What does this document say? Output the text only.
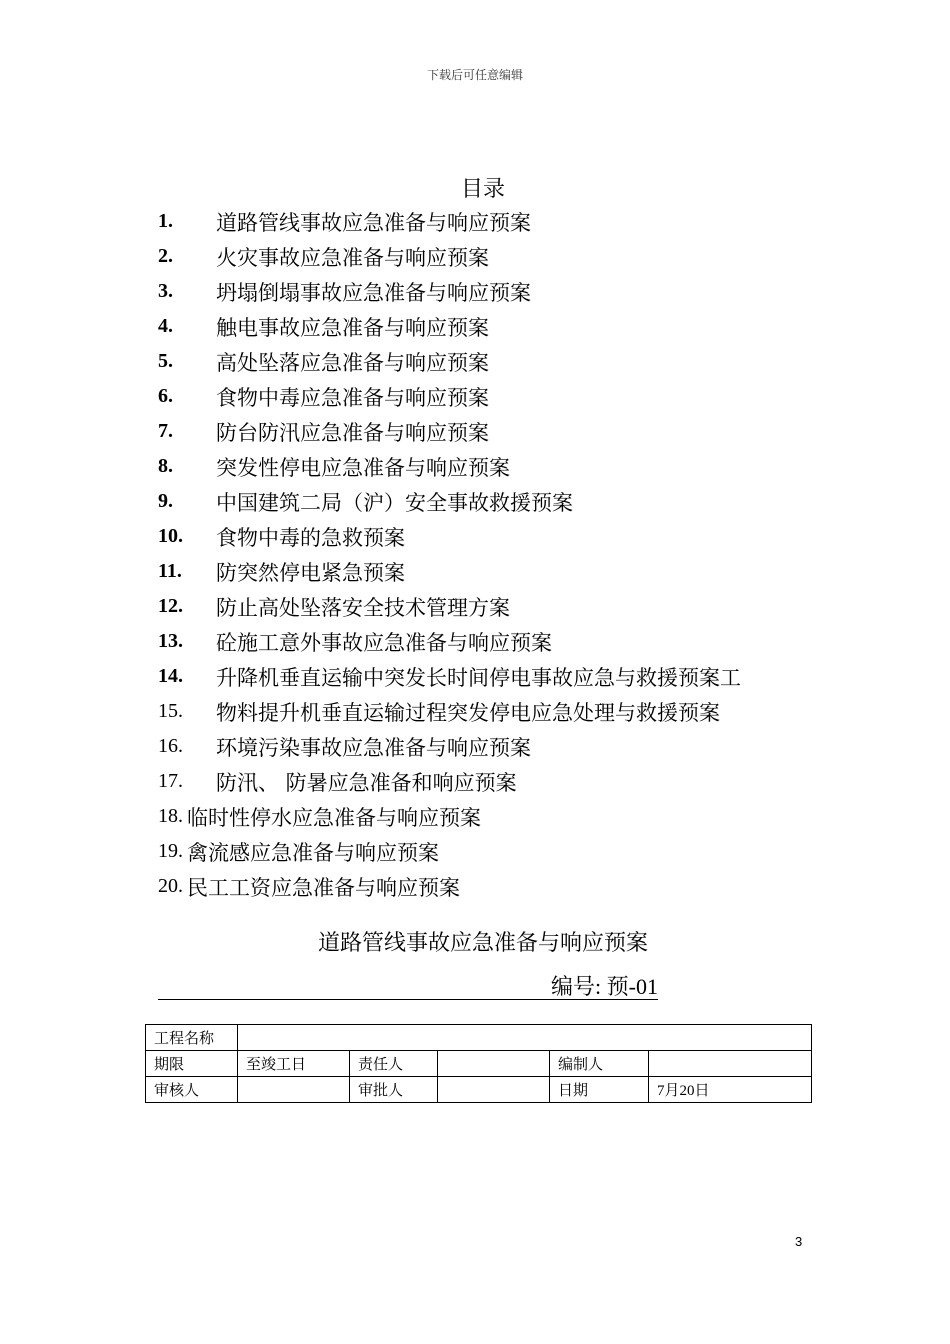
下载后可任意编辑
目录
1.	道路管线事故应急准备与响应预案
2.	火灾事故应急准备与响应预案
3.	坍塌倒塌事故应急准备与响应预案
4.	触电事故应急准备与响应预案
5.	高处坠落应急准备与响应预案
6.	食物中毒应急准备与响应预案
7.	防台防汛应急准备与响应预案
8.	突发性停电应急准备与响应预案
9.	中国建筑二局（沪）安全事故救援预案
10.	食物中毒的急救预案
11.	防突然停电紧急预案
12.	防止高处坠落安全技术管理方案
13.	砼施工意外事故应急准备与响应预案
14.	升降机垂直运输中突发长时间停电事故应急与救援预案工
15.	物料提升机垂直运输过程突发停电应急处理与救援预案
16.	环境污染事故应急准备与响应预案
17.	防汛、 防暑应急准备和响应预案
18. 临时性停水应急准备与响应预案
19. 禽流感应急准备与响应预案
20. 民工工资应急准备与响应预案
道路管线事故应急准备与响应预案
编号: 预-01
工程名称					
期限	至竣工日	责任人		编制人	
审核人		审批人		日期	7月20日
3
